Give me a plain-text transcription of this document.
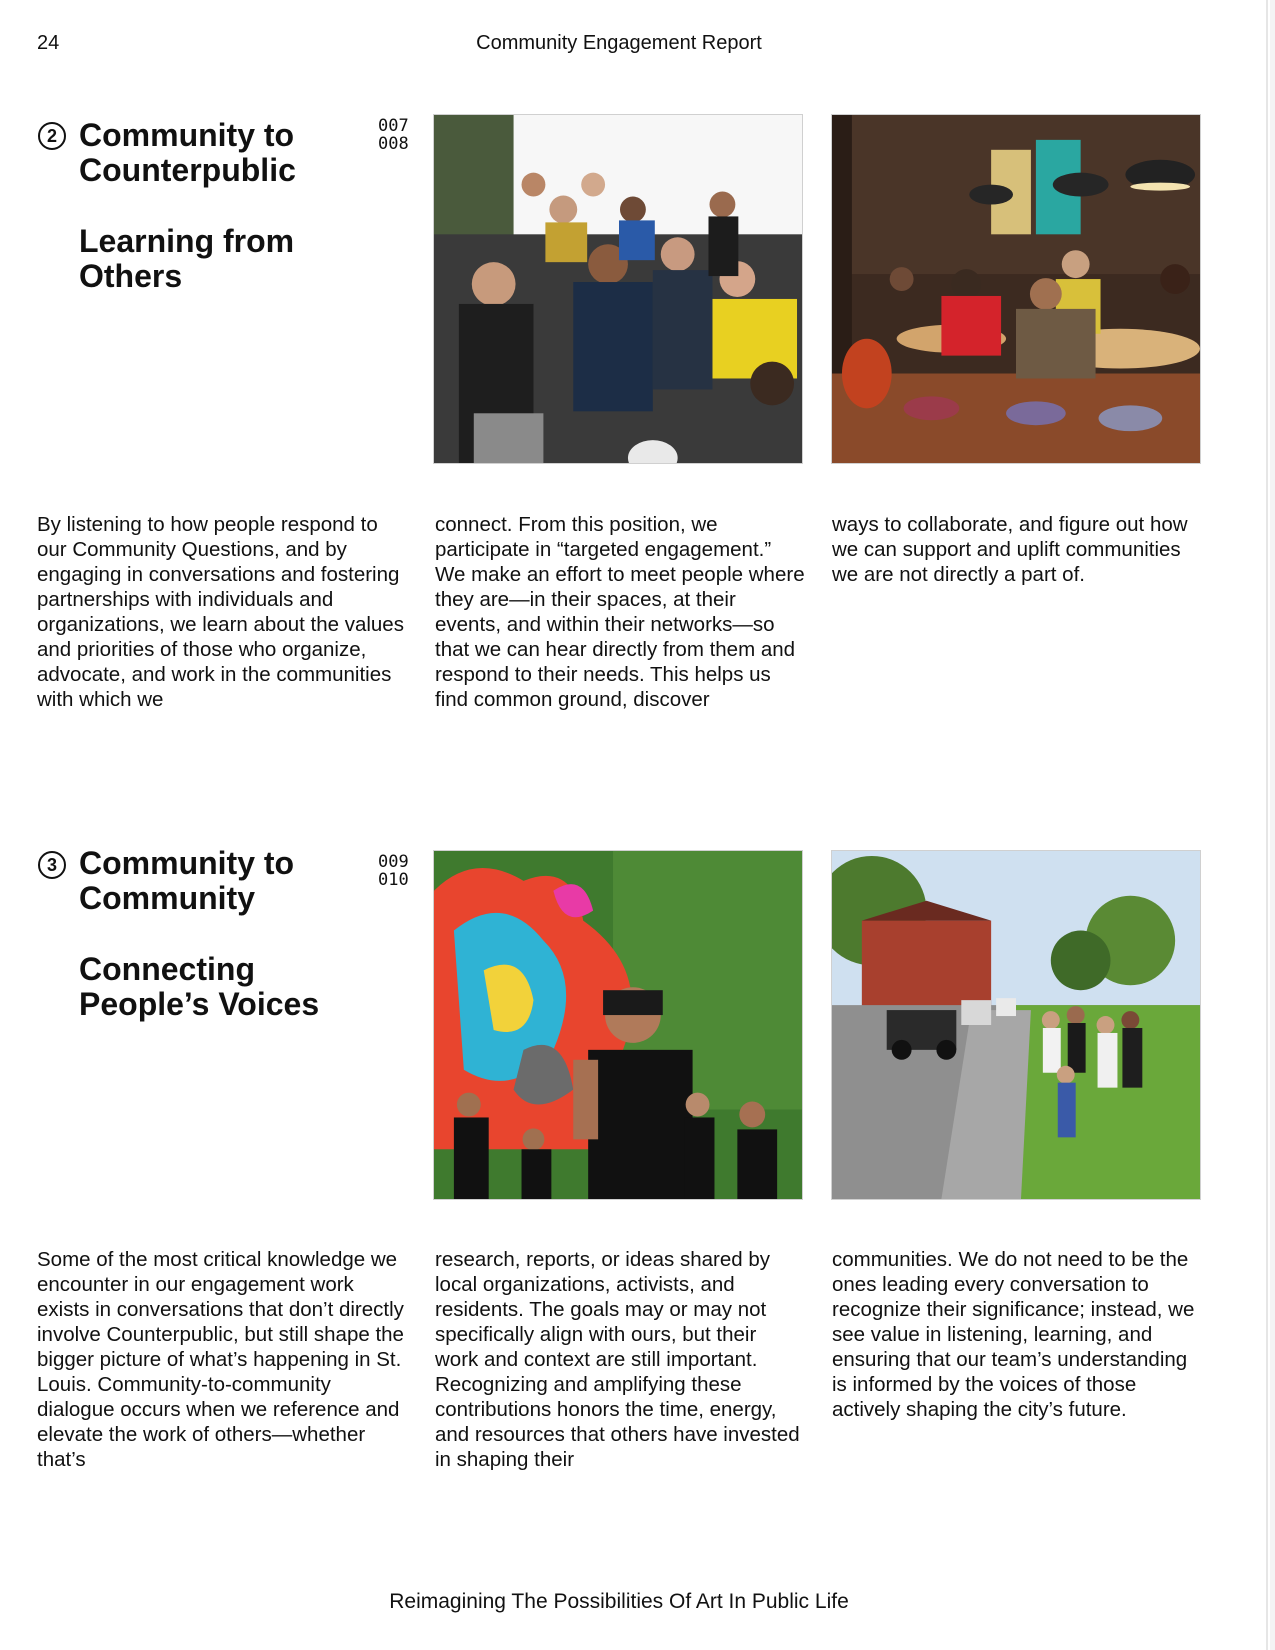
24	Community Engagement Report
2 Community to Counterpublic
Learning from Others
007
008

By listening to how people respond to our Community Questions, and by engaging in conversations and fostering partnerships with individuals and organizations, we learn about the values and priorities of those who organize, advocate, and work in the communities with which we

connect. From this position, we participate in “targeted engagement.” We make an effort to meet people where they are—in their spaces, at their events, and within their networks—so that we can hear directly from them and respond to their needs. This helps us find common ground, discover

ways to collaborate, and figure out how we can support and uplift communities we are not directly a part of.

3 Community to Community
Connecting People’s Voices
009
010

Some of the most critical knowledge we encounter in our engagement work exists in conversations that don’t directly involve Counterpublic, but still shape the bigger picture of what’s happening in St. Louis. Community-to-community dialogue occurs when we reference and elevate the work of others—whether that’s

research, reports, or ideas shared by local organizations, activists, and residents. The goals may or may not specifically align with ours, but their work and context are still important. Recognizing and amplifying these contributions honors the time, energy, and resources that others have invested in shaping their

communities. We do not need to be the ones leading every conversation to recognize their significance; instead, we see value in listening, learning, and ensuring that our team’s understanding is informed by the voices of those actively shaping the city’s future.

Reimagining The Possibilities Of Art In Public Life
